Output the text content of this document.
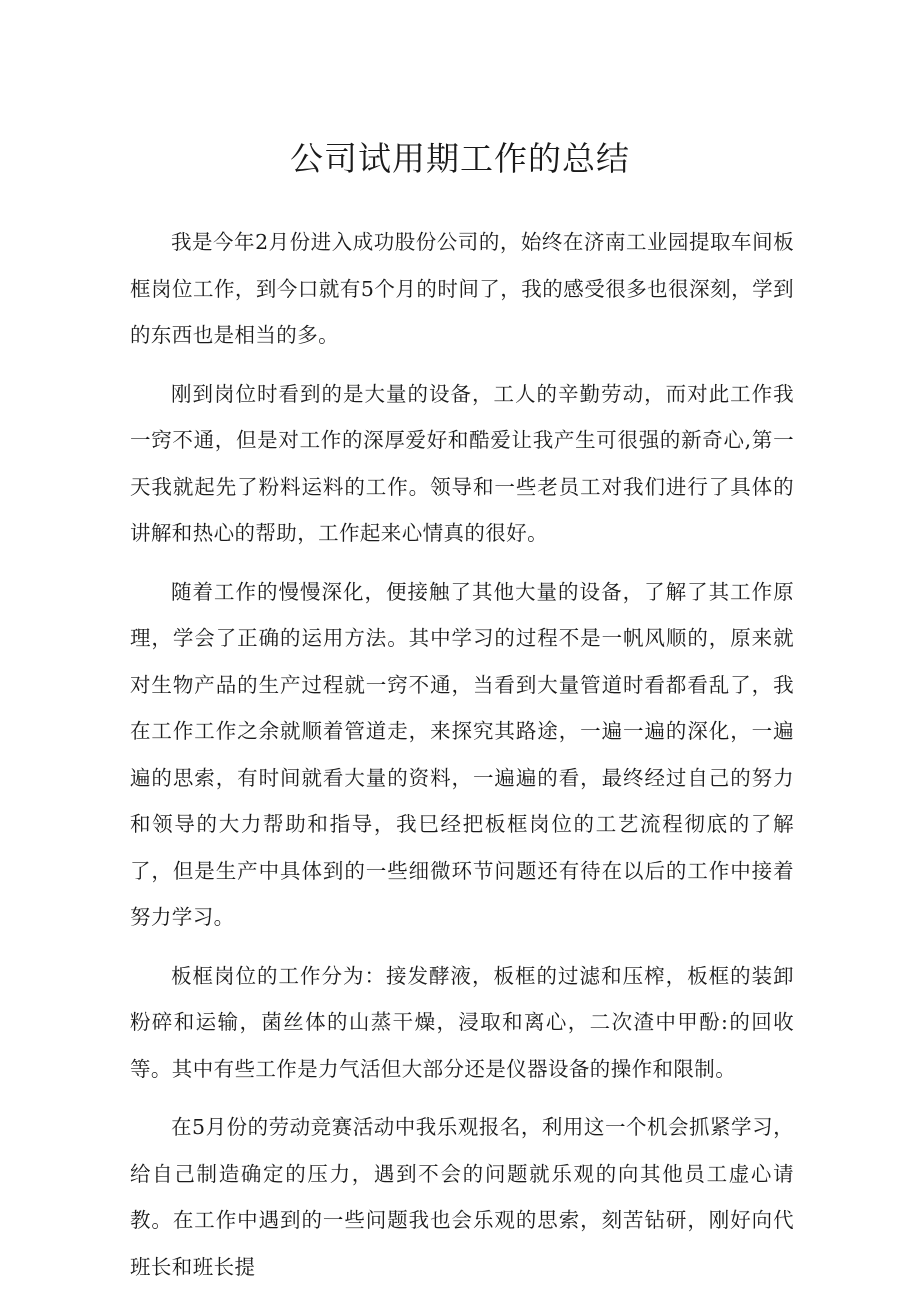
公司试用期工作的总结

我是今年2月份进入成功股份公司的，始终在济南工业园提取车间板框岗位工作，到今口就有5个月的时间了，我的感受很多也很深刻，学到的东西也是相当的多。

刚到岗位时看到的是大量的设备，工人的辛勤劳动，而对此工作我一窍不通，但是对工作的深厚爱好和酷爱让我产生可很强的新奇心,第一天我就起先了粉料运料的工作。领导和一些老员工对我们进行了具体的讲解和热心的帮助，工作起来心情真的很好。

随着工作的慢慢深化，便接触了其他大量的设备，了解了其工作原理，学会了正确的运用方法。其中学习的过程不是一帆风顺的，原来就对生物产品的生产过程就一窍不通，当看到大量管道时看都看乱了，我在工作工作之余就顺着管道走，来探究其路途，一遍一遍的深化，一遍遍的思索，有时间就看大量的资料，一遍遍的看，最终经过自己的努力和领导的大力帮助和指导，我巳经把板框岗位的工艺流程彻底的了解了，但是生产中具体到的一些细微环节问题还有待在以后的工作中接着努力学习。

板框岗位的工作分为：接发酵液，板框的过滤和压榨，板框的装卸粉碎和运输，菌丝体的山蒸干燥，浸取和离心，二次渣中甲酚:的回收等。其中有些工作是力气活但大部分还是仪器设备的操作和限制。

在5月份的劳动竞赛活动中我乐观报名，利用这一个机会抓紧学习，给自己制造确定的压力，遇到不会的问题就乐观的向其他员工虚心请教。在工作中遇到的一些问题我也会乐观的思索，刻苦钻研，刚好向代班长和班长提
